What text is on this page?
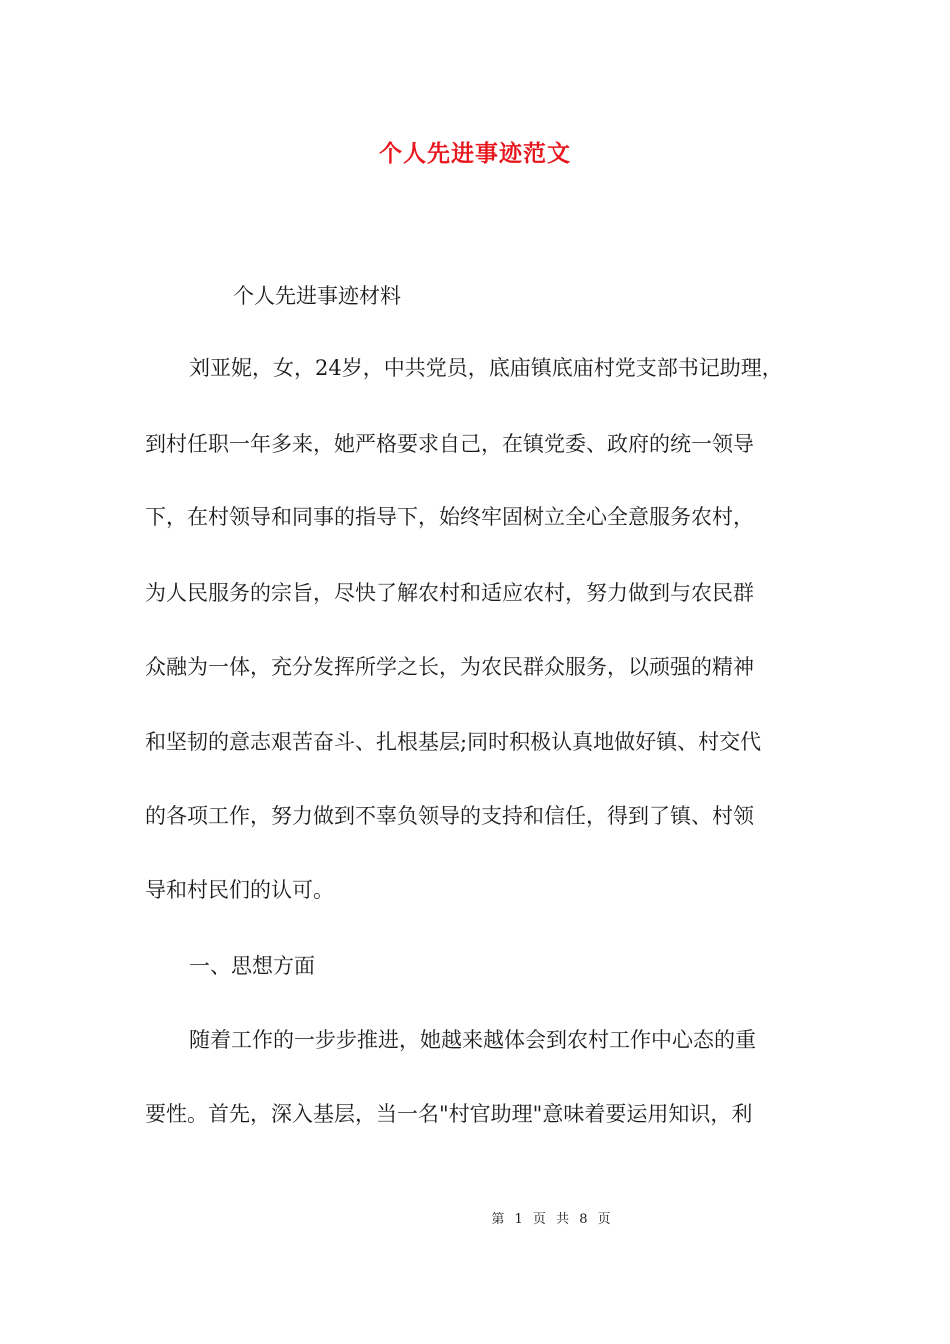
个人先进事迹范文
个人先进事迹材料
刘亚妮，女，24岁，中共党员，底庙镇底庙村党支部书记助理，
到村任职一年多来，她严格要求自己，在镇党委、政府的统一领导
下，在村领导和同事的指导下，始终牢固树立全心全意服务农村，
为人民服务的宗旨，尽快了解农村和适应农村，努力做到与农民群
众融为一体，充分发挥所学之长，为农民群众服务，以顽强的精神
和坚韧的意志艰苦奋斗、扎根基层;同时积极认真地做好镇、村交代
的各项工作，努力做到不辜负领导的支持和信任，得到了镇、村领
导和村民们的认可。
一、思想方面
随着工作的一步步推进，她越来越体会到农村工作中心态的重
要性。首先，深入基层，当一名"村官助理"意味着要运用知识，利
第 1 页 共 8 页
